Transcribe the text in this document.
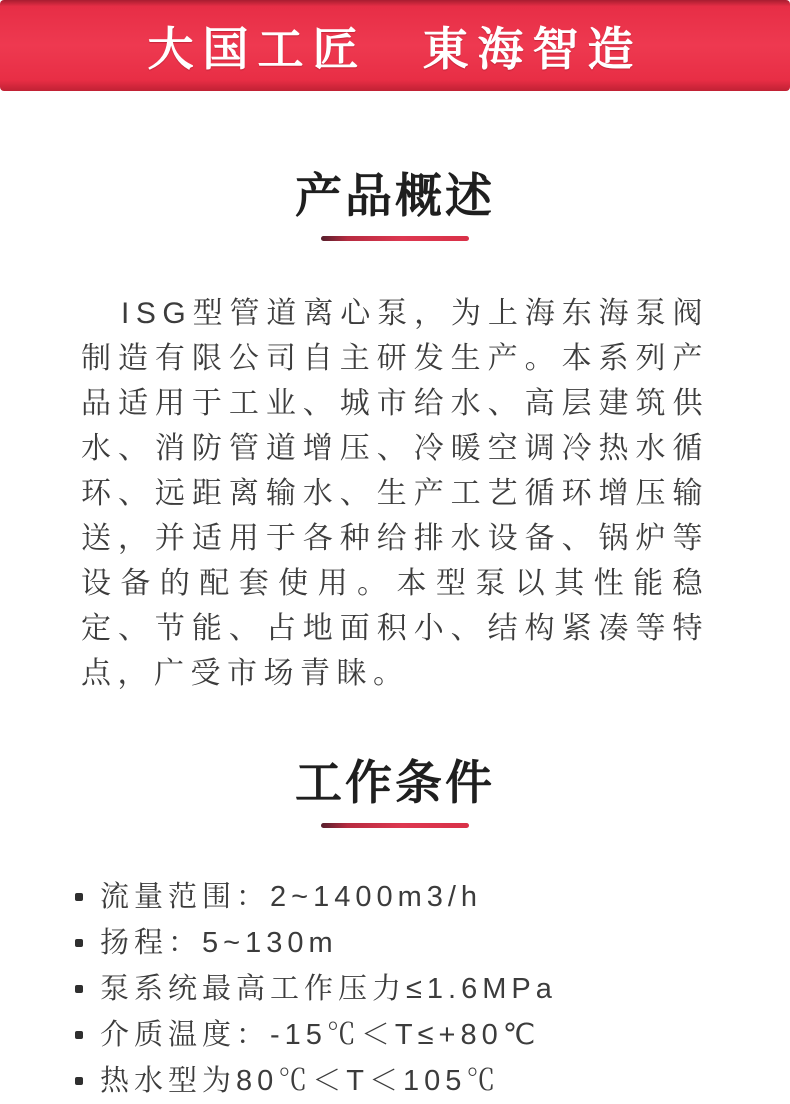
大国工匠　東海智造
产品概述

ISG型管道离心泵，为上海东海泵阀制造有限公司自主研发生产。本系列产品适用于工业、城市给水、高层建筑供水、消防管道增压、冷暖空调冷热水循环、远距离输水、生产工艺循环增压输送，并适用于各种给排水设备、锅炉等设备的配套使用。本型泵以其性能稳定、节能、占地面积小、结构紧凑等特点，广受市场青睐。

工作条件
流量范围：2~1400m3/h
扬程：5~130m
泵系统最高工作压力≤1.6MPa
介质温度：-15℃＜T≤+80℃
热水型为80℃＜T＜105℃
